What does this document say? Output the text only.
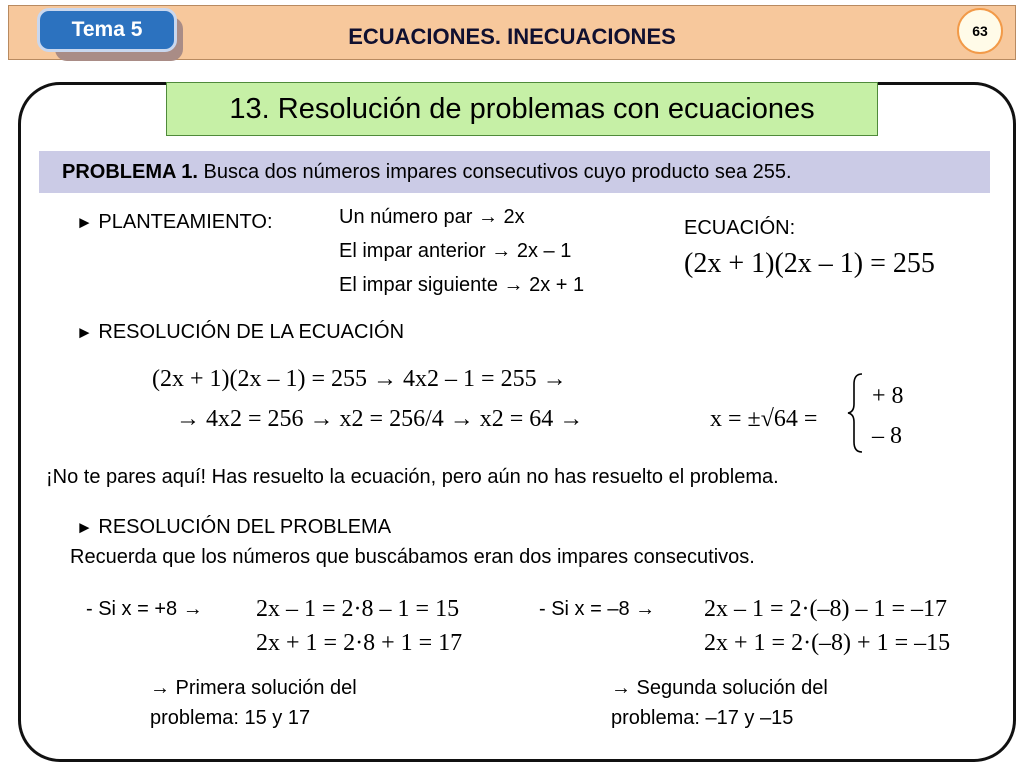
Tema 5	ECUACIONES. INECUACIONES	63
13. Resolución de problemas con ecuaciones
PROBLEMA 1. Busca dos números impares consecutivos cuyo producto sea 255.
► PLANTEAMIENTO:	Un número par → 2x
El impar anterior → 2x – 1
El impar siguiente → 2x + 1
ECUACIÓN:
(2x + 1)(2x – 1) = 255
► RESOLUCIÓN DE LA ECUACIÓN
(2x + 1)(2x – 1) = 255 → 4x2 – 1 = 255 →
→ 4x2 = 256 → x2 = 256/4 → x2 = 64 →	x = ±√64 =
+ 8
– 8
¡No te pares aquí! Has resuelto la ecuación, pero aún no has resuelto el problema.
► RESOLUCIÓN DEL PROBLEMA
Recuerda que los números que buscábamos eran dos impares consecutivos.
- Si x = +8 → 2x – 1 = 2·8 – 1 = 15
2x + 1 = 2·8 + 1 = 17
→ Primera solución del
problema: 15 y 17
- Si x = –8 → 2x – 1 = 2·(–8) – 1 = –17
2x + 1 = 2·(–8) + 1 = –15
→ Segunda solución del
problema: –17 y –15
